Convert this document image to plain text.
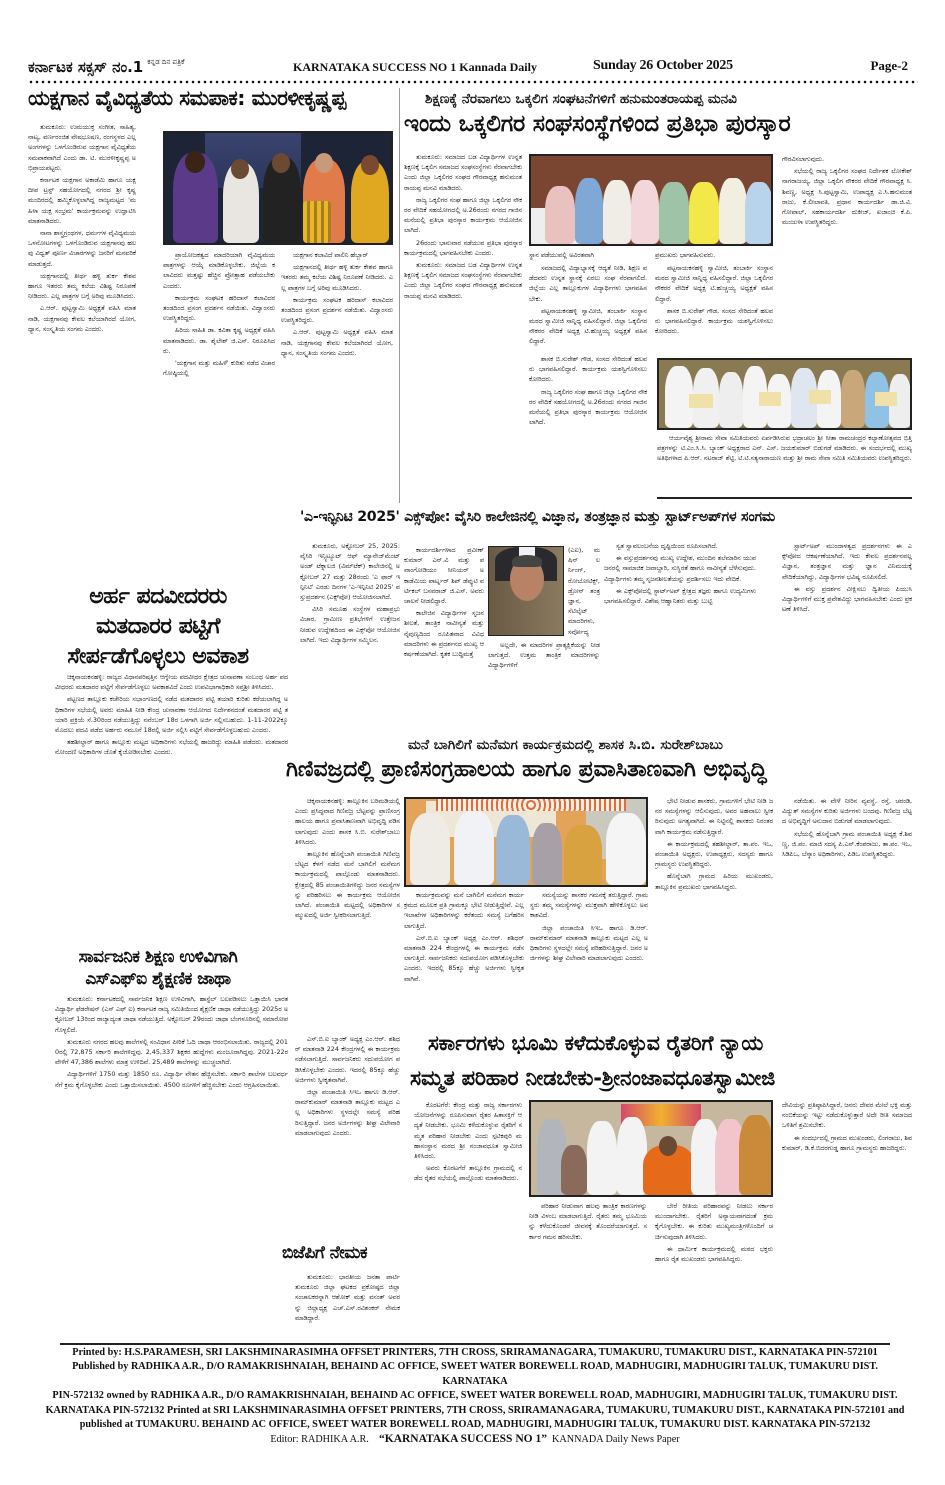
ಕರ್ನಾಟಕ ಸಕ್ಸಸ್ ನಂ.1 $^{ಕನ್ನಡ ದಿನ ಪತ್ರಿಕೆ}$	KARNATAKA SUCCESS NO 1 Kannada Daily	Sunday 26 October 2025	Page-2
ಯಕ್ಷಗಾನ ವೈವಿಧ್ಯತೆಯ ಸಮಪಾಕ: ಮುರಳೀಕೃಷ್ಣಪ್ಪ

ತುಮಕೂರು: ಉಮಯುಕ್ತ ಸಂಗೀತ, ಸಾಹಿತ್ಯ, ನಾಟ್ಯ, ವರ್ಣರಂಜಿತ ವೇಷಭೂಷಣ, ರಂಗಸ್ಥಳದ ಎಲ್ಲ ಅಂಗಗಳನ್ನು ಒಳಗೊಂಡಿರುವ ಯಕ್ಷಗಾನ ವೈವಿಧ್ಯತೆಯ ಸಮಪಾಕವಾಗಿದೆ ಎಂದು ಡಾ. ಟಿ. ಮುರಳೀಕೃಷ್ಣಪ್ಪ ಅಭಿಪ್ರಾಯಪಟ್ಟರು.

ಕರ್ನಾಟಕ ಯಕ್ಷಗಾನ ಅಕಾಡೆಮಿ ಹಾಗೂ ಯಕ್ಷದೀಪ ಟ್ರಸ್ಟ್ ಸಹಯೋಗದಲ್ಲಿ ನಗರದ ಶ್ರೀ ಕೃಷ್ಣ ಮಂದಿರದಲ್ಲಿ ಹಮ್ಮಿಕೊಳ್ಳಲಾಗಿದ್ದ ರಾಜ್ಯಮಟ್ಟದ 'ಮಹಿಳಾ ಯಕ್ಷ ಸಂಭ್ರಮ' ಕಾರ್ಯಕ್ರಮವನ್ನು ಉದ್ಘಾಟಿಸಿ ಮಾತನಾಡಿದರು.

ನಾನಾ ಶಾಸ್ತ್ರಗ್ರಂಥಗಳ, ಧರ್ಮಗಳ ವೈವಿಧ್ಯಮಯ ಒಳನೋಟಗಳನ್ನು ಒಳಗೊಂಡಿರುವ ಯಕ್ಷಗಾನವು ಹಲವು ವಿಧ್ವತ್ ಪೂರ್ಣ ವಿಚಾರಗಳನ್ನು ಜನರಿಗೆ ಮನವರಿಕೆ ಮಾಡುತ್ತದೆ.

ಯಕ್ಷಗಾನದಲ್ಲಿ ತೀರ್ಥ ಹಳ್ಳಿ ತುರ್ಕ ಕೇಶವ ಹಾಗೂ ಇತರರು ತಮ್ಮ ಕಲೆಯ ವಿಶಿಷ್ಟ ನಿರೂಪಣೆ ನೀಡಿದರು. ಎಲ್ಲ ಪಾತ್ರಗಳ ಬಗ್ಗೆ ಅರಿವು ಮೂಡಿಸಿದರು.

ಎ.ಆರ್. ಪುಟ್ಟಸ್ವಾಮಿ ಅಧ್ಯಕ್ಷತೆ ವಹಿಸಿ ಮಾತನಾಡಿ, ಯಕ್ಷಗಾನವು ಕೇವಲ ಕಲೆಯಾಗಿರದೆ ಯೋಗ, ಧ್ಯಾನ, ಸಂಸ್ಕೃತಿಯ ಸಂಗಮ ಎಂದರು.

ಪ್ರಾಯೋಜಕತ್ವದ ಮಾದರಿಯಾಗಿ ವೈವಿಧ್ಯಮಯ ಪಾತ್ರಗಳನ್ನು ಆಯ್ಕೆ ಮಾಡಿಕೊಳ್ಳಬೇಕು. ಜಿಲ್ಲೆಯ ಕಲಾವಿದರು ಮತ್ತಷ್ಟು ಹೆಚ್ಚಿನ ಪ್ರೋತ್ಸಾಹ ಪಡೆಯಬೇಕು ಎಂದರು.

ಕಾರ್ಯಕ್ರಮ ಸಂಘಟಕ ಹರಿದಾಸ್ ಕಲಾವಿದರ ತಂಡದಿಂದ ಪ್ರಸಂಗ ಪ್ರದರ್ಶನ ನಡೆಯಿತು. ವಿದ್ವಾಂಸರು ಉಪಸ್ಥಿತರಿದ್ದರು.

ಹಿರಿಯ ಸಾಹಿತಿ ಡಾ. ಕವಿತಾ ಕೃಷ್ಣ ಅಧ್ಯಕ್ಷತೆ ವಹಿಸಿ ಮಾತನಾಡಿದರು. ಡಾ. ಶೈಲೇಶ್ ಜಿ.ಎಸ್. ನಿರೂಪಿಸಿದರು.

'ಯಕ್ಷಗಾನ ಮತ್ತು ಮಹಿಳೆ' ಕುರಿತು ನಡೆದ ವಿಚಾರಗೋಷ್ಠಿಯಲ್ಲಿ

ಯಕ್ಷಗಾನ ಕಲಾವಿದೆ ಪಾಲಿನಿ ಹೆಬ್ಬಾರ್

ಯಕ್ಷಗಾನದಲ್ಲಿ ತೀರ್ಥ ಹಳ್ಳಿ ತುರ್ಕ ಕೇಶವ ಹಾಗೂ ಇತರರು ತಮ್ಮ ಕಲೆಯ ವಿಶಿಷ್ಟ ನಿರೂಪಣೆ ನೀಡಿದರು. ಎಲ್ಲ ಪಾತ್ರಗಳ ಬಗ್ಗೆ ಅರಿವು ಮೂಡಿಸಿದರು.

ಕಾರ್ಯಕ್ರಮ ಸಂಘಟಕ ಹರಿದಾಸ್ ಕಲಾವಿದರ ತಂಡದಿಂದ ಪ್ರಸಂಗ ಪ್ರದರ್ಶನ ನಡೆಯಿತು. ವಿದ್ವಾಂಸರು ಉಪಸ್ಥಿತರಿದ್ದರು.

ಎ.ಆರ್. ಪುಟ್ಟಸ್ವಾಮಿ ಅಧ್ಯಕ್ಷತೆ ವಹಿಸಿ ಮಾತನಾಡಿ, ಯಕ್ಷಗಾನವು ಕೇವಲ ಕಲೆಯಾಗಿರದೆ ಯೋಗ, ಧ್ಯಾನ, ಸಂಸ್ಕೃತಿಯ ಸಂಗಮ ಎಂದರು.

ಅರ್ಹ ಪದವೀದರರು
ಮತದಾರರ ಪಟ್ಟಿಗೆ
ಸೇರ್ಪಡೆಗೊಳ್ಳಲು ಅವಕಾಶ

ಚಿಕ್ಕನಾಯಕನಹಳ್ಳಿ: ರಾಜ್ಯದ ವಿಧಾನಪರಿಷತ್ತಿನ ಆಗ್ನೇಯ ಪದವೀಧರ ಕ್ಷೇತ್ರದ ಚುನಾವಣಾ ಸಂಬಂಧ ಅರ್ಹ ಪದವೀಧರರು ಮತದಾರರ ಪಟ್ಟಿಗೆ ಸೇರ್ಪಡೆಗೊಳ್ಳಲು ಅವಕಾಶವಿದೆ ಎಂದು ಉಪವಿಭಾಗಾಧಿಕಾರಿ ಸಪ್ತಶ್ರೀ ತಿಳಿಸಿದರು.

ಪಟ್ಟಣದ ತಾಲ್ಲೂಕು ಕಚೇರಿಯ ಸಭಾಂಗಣದಲ್ಲಿ ನಡೆದ ಮತದಾರರ ಪಟ್ಟಿ ತಯಾರಿ ಕುರಿತು ಕರೆಯಲಾಗಿದ್ದ ಅಧಿಕಾರಿಗಳ ಸಭೆಯಲ್ಲಿ ಅವರು ಮಾಹಿತಿ ನೀಡಿ ಕೇಂದ್ರ ಚುನಾವಣಾ ಆಯೋಗದ ನಿರ್ದೇಶನದಂತೆ ಮತದಾರರ ಪಟ್ಟಿ ತಯಾರಿ ಪ್ರಕ್ರಿಯೆ ಸೆ.30ರಿಂದ ನಡೆಯುತ್ತಿದ್ದು ನವೆಂಬರ್ 18ರ ಒಳಗಾಗಿ ಅರ್ಜಿ ಸಲ್ಲಿಸಬಹುದು. 1-11-2022ಕ್ಕೂ ಮೊದಲು ಪದವಿ ಪಡೆದ ಅರ್ಹರು ನಮೂನೆ 18ರಲ್ಲಿ ಅರ್ಜಿ ಸಲ್ಲಿಸಿ ಪಟ್ಟಿಗೆ ಸೇರ್ಪಡೆಗೊಳ್ಳಬಹುದು ಎಂದರು.

ತಹಶೀಲ್ದಾರ್ ಹಾಗೂ ತಾಲ್ಲೂಕು ಮಟ್ಟದ ಅಧಿಕಾರಿಗಳು ಸಭೆಯಲ್ಲಿ ಹಾಜರಿದ್ದು ಮಾಹಿತಿ ಪಡೆದರು. ಮತದಾರರ ನೋಂದಣಿ ಅಧಿಕಾರಿಗಳ ಜೊತೆ ಕೈಜೋಡಿಸಬೇಕು ಎಂದರು.

ಸಾರ್ವಜನಿಕ ಶಿಕ್ಷಣ ಉಳಿವಿಗಾಗಿ
ಎಸ್‌ಎಫ್‌ಐ ಶೈಕ್ಷಣಿಕ ಜಾಥಾ

ತುಮಕೂರು: ಕರ್ನಾಟಕದಲ್ಲಿ ಸಾರ್ವಜನಿಕ ಶಿಕ್ಷಣ ಉಳಿವಿಗಾಗಿ, ಹಾಸ್ಟೆಲ್ ಬಲಪಡಿಸಲು ಒತ್ತಾಯಿಸಿ ಭಾರತ ವಿದ್ಯಾರ್ಥಿ ಫೆಡರೇಷನ್ (ಎಸ್ ಎಫ್ ಐ) ಕರ್ನಾಟಕ ರಾಜ್ಯ ಸಮಿತಿಯಿಂದ ಶೈಕ್ಷಣಿಕ ಜಾಥಾ ನಡೆಯುತ್ತಿದ್ದು 2025ರ ಅಕ್ಟೋಬರ್ 13ರಿಂದ ರಾಜ್ಯಾದ್ಯಂತ ಜಾಥಾ ನಡೆಯುತ್ತಿದೆ. ಅಕ್ಟೋಬರ್ 29ರಂದು ಜಾಥಾ ಬೆಂಗಳೂರಿನಲ್ಲಿ ಸಮಾರೋಪಗೊಳ್ಳಲಿದೆ.

ತುಮಕೂರು ನಗರದ ಹಲವು ಶಾಲೆಗಳಲ್ಲಿ ಸಂವಿಧಾನ ಪೀಠಿಕೆ ಓದಿ ಜಾಥಾ ಆರಂಭಿಸಲಾಯಿತು. ರಾಜ್ಯದಲ್ಲಿ 2010ರಲ್ಲಿ 72,875 ಸರ್ಕಾರಿ ಶಾಲೆಗಳಿದ್ದವು. 2,45,337 ಶಿಕ್ಷಕರ ಹುದ್ದೆಗಳು ಮಂಜೂರಾಗಿದ್ದವು. 2021-22ರ ವೇಳೆಗೆ 47,386 ಶಾಲೆಗಳು ಮಾತ್ರ ಉಳಿದಿವೆ. 25,489 ಶಾಲೆಗಳನ್ನು ಮುಚ್ಚಲಾಗಿದೆ.

ವಿದ್ಯಾರ್ಥಿಗಳಿಗೆ 1750 ಮತ್ತು 1850 ರೂ. ವಿದ್ಯಾರ್ಥಿ ವೇತನ ಹೆಚ್ಚಿಸಬೇಕು. ಸರ್ಕಾರಿ ಶಾಲೆಗಳ ಬಲವರ್ಧನೆಗೆ ಕ್ರಮ ಕೈಗೊಳ್ಳಬೇಕು ಎಂದು ಒತ್ತಾಯಿಸಲಾಯಿತು. 4500 ರೂಗಳಿಗೆ ಹೆಚ್ಚಿಸಬೇಕು ಎಂದು ಆಗ್ರಹಿಸಲಾಯಿತು.

ಶಿಕ್ಷಣಕ್ಕೆ ನೆರವಾಗಲು ಒಕ್ಕಲಿಗ ಸಂಘಟನೆಗಳಿಗೆ ಹನುಮಂತರಾಯಪ್ಪ ಮನವಿ
ಇಂದು ಒಕ್ಕಲಿಗರ ಸಂಘಸಂಸ್ಥೆಗಳಿಂದ ಪ್ರತಿಭಾ ಪುರಸ್ಕಾರ

ತುಮಕೂರು: ಸಮಾಜದ ಬಡ ವಿದ್ಯಾರ್ಥಿಗಳ ಉನ್ನತ ಶಿಕ್ಷಣಕ್ಕೆ ಒಕ್ಕಲಿಗ ಸಮಾಜದ ಸಂಘಸಂಸ್ಥೆಗಳು ನೆರವಾಗಬೇಕು ಎಂದು ಜಿಲ್ಲಾ ಒಕ್ಕಲಿಗರ ಸಂಘದ ಗೌರವಾಧ್ಯಕ್ಷ ಹನುಮಂತರಾಯಪ್ಪ ಮನವಿ ಮಾಡಿದರು.

ರಾಜ್ಯ ಒಕ್ಕಲಿಗರ ಸಂಘ ಹಾಗೂ ಜಿಲ್ಲಾ ಒಕ್ಕಲಿಗರ ನೌಕರರ ವೇದಿಕೆ ಸಹಯೋಗದಲ್ಲಿ ಅ.26ರಂದು ನಗರದ ಗಾಜಿನಮನೆಯಲ್ಲಿ ಪ್ರತಿಭಾ ಪುರಸ್ಕಾರ ಕಾರ್ಯಕ್ರಮ ಆಯೋಜಿಸಲಾಗಿದೆ.

26ರಂದು ಭಾನುವಾರ ನಡೆಯುವ ಪ್ರತಿಭಾ ಪುರಸ್ಕಾರ ಕಾರ್ಯಕ್ರಮದಲ್ಲಿ ಭಾಗವಹಿಸಬೇಕು ಎಂದರು.

ತುಮಕೂರು: ಸಮಾಜದ ಬಡ ವಿದ್ಯಾರ್ಥಿಗಳ ಉನ್ನತ ಶಿಕ್ಷಣಕ್ಕೆ ಒಕ್ಕಲಿಗ ಸಮಾಜದ ಸಂಘಸಂಸ್ಥೆಗಳು ನೆರವಾಗಬೇಕು ಎಂದು ಜಿಲ್ಲಾ ಒಕ್ಕಲಿಗರ ಸಂಘದ ಗೌರವಾಧ್ಯಕ್ಷ ಹನುಮಂತರಾಯಪ್ಪ ಮನವಿ ಮಾಡಿದರು.

ಸ್ಥಾನ ಪಡೆಯುವಲ್ಲಿ ಅವಿರತವಾಗಿ	ಪ್ರಮುಖರು ಭಾಗವಹಿಸುವರು.

ಸಮಾಜದಲ್ಲಿ ವಿದ್ಯಾಭ್ಯಾಸಕ್ಕೆ ಆದ್ಯತೆ ನೀಡಿ, ಶಿಕ್ಷಣ ಪಡೆದವರು ಉನ್ನತ ಸ್ಥಾನಕ್ಕೆ ಏರಲು ಸಂಘ ನೆರವಾಗಲಿದೆ. ಜಿಲ್ಲೆಯ ಎಲ್ಲ ತಾಲ್ಲೂಕುಗಳ ವಿದ್ಯಾರ್ಥಿಗಳು ಭಾಗವಹಿಸಬೇಕು.

ಪಟ್ಟನಾಯಕನಹಳ್ಳಿ ಸ್ವಾಮೀಜಿ, ತಂಬಾರ್ಕಿ ಸಂಸ್ಥಾನ ಮಠದ ಸ್ವಾಮೀಜಿ ಸಾನ್ನಿಧ್ಯ ವಹಿಸಲಿದ್ದಾರೆ. ಜಿಲ್ಲಾ ಒಕ್ಕಲಿಗರ ನೌಕರರ ವೇದಿಕೆ ಅಧ್ಯಕ್ಷ ಟಿ.ಹುಚ್ಚಯ್ಯ ಅಧ್ಯಕ್ಷತೆ ವಹಿಸಲಿದ್ದಾರೆ.

ಪಟ್ಟನಾಯಕನಹಳ್ಳಿ ಸ್ವಾಮೀಜಿ, ತಂಬಾರ್ಕಿ ಸಂಸ್ಥಾನ ಮಠದ ಸ್ವಾಮೀಜಿ ಸಾನ್ನಿಧ್ಯ ವಹಿಸಲಿದ್ದಾರೆ. ಜಿಲ್ಲಾ ಒಕ್ಕಲಿಗರ ನೌಕರರ ವೇದಿಕೆ ಅಧ್ಯಕ್ಷ ಟಿ.ಹುಚ್ಚಯ್ಯ ಅಧ್ಯಕ್ಷತೆ ವಹಿಸಲಿದ್ದಾರೆ.

ಶಾಸಕ ಬಿ.ಸುರೇಶ್ ಗೌಡ, ಸಂಸದ ಸೇರಿದಂತೆ ಹಲವರು ಭಾಗವಹಿಸಲಿದ್ದಾರೆ. ಕಾರ್ಯಕ್ರಮ ಯಶಸ್ವಿಗೊಳಿಸಲು ಕೋರಿದರು.

ಶಾಸಕ ಬಿ.ಸುರೇಶ್ ಗೌಡ, ಸಂಸದ ಸೇರಿದಂತೆ ಹಲವರು ಭಾಗವಹಿಸಲಿದ್ದಾರೆ. ಕಾರ್ಯಕ್ರಮ ಯಶಸ್ವಿಗೊಳಿಸಲು ಕೋರಿದರು.

ರಾಜ್ಯ ಒಕ್ಕಲಿಗರ ಸಂಘ ಹಾಗೂ ಜಿಲ್ಲಾ ಒಕ್ಕಲಿಗರ ನೌಕರರ ವೇದಿಕೆ ಸಹಯೋಗದಲ್ಲಿ ಅ.26ರಂದು ನಗರದ ಗಾಜಿನಮನೆಯಲ್ಲಿ ಪ್ರತಿಭಾ ಪುರಸ್ಕಾರ ಕಾರ್ಯಕ್ರಮ ಆಯೋಜಿಸಲಾಗಿದೆ.

ಗೌರವಿಸಲಾಗುವುದು.

ಸಭೆಯಲ್ಲಿ ರಾಜ್ಯ ಒಕ್ಕಲಿಗರ ಸಂಘದ ನಿರ್ದೇಶಕ ಲೋಕೇಶ್ ನಾಗರಾಜಯ್ಯ, ಜಿಲ್ಲಾ ಒಕ್ಕಲಿಗ ನೌಕರರ ವೇದಿಕೆ ಗೌರವಾಧ್ಯಕ್ಷ ಸಿ.ಶಿವಣ್ಣ, ಅಧ್ಯಕ್ಷ ಸಿ.ಪುಟ್ಟಸ್ವಾಮಿ, ಉಪಾಧ್ಯಕ್ಷ ಎ.ಸಿ.ಹನುಮಂತರಾಜು, ಕೆ.ಲೀಲಾವತಿ, ಪ್ರಧಾನ ಕಾರ್ಯದರ್ಶಿ ಡಾ.ಜಿ.ವಿ.ಗೋಪಾಲ್, ಸಹಕಾರ್ಯದರ್ಶಿ ದುಕೀಜ್, ಖಜಾಂಚಿ ಕೆ.ಪಿ.ಮಂಜುಳಾ ಉಪಸ್ಥಿತರಿದ್ದರು.

ಆರ್ಯವೈಶ್ಯ ಶ್ರೀರಾಮ ಸೇವಾ ಸಮಿತಿಯವರು ಏರ್ಪಡಿಸಿರುವ ಭದ್ರಾಚಲಂ ಶ್ರೀ ಸೀತಾ ರಾಮಚಂದ್ರರ ಕಲ್ಯಾಣೋತ್ಸವದ ಭಿತ್ತಿ ಪತ್ರಗಳನ್ನು ಟಿ.ಎಂ.ಸಿ.ಸಿ. ಬ್ಯಾಂಕ್ ಅಧ್ಯಕ್ಷರಾದ ಎನ್. ಎಸ್. ಜಯಕುಮಾರ್ ಬಿಡುಗಡೆ ಮಾಡಿದರು. ಈ ಸಂದರ್ಭದಲ್ಲಿ ಮುಖ್ಯ ಅತಿಥಿಗಳಾದ ಪಿ.ಆರ್. ನಟರಾಜ್ ಶೆಟ್ಟಿ, ಟಿ.ಟಿ.ಸತ್ಯನಾರಾಯಣ ಮತ್ತು ಶ್ರೀ ರಾಮ ಸೇವಾ ಸಮಿತಿ ಸಮಿತಿಯವರು ಉಪಸ್ಥಿತರಿದ್ದರು.
'ಎ-ಇನ್ಫಿನಿಟಿ 2025' ಎಕ್ಸ್‌ಪೋ: ವೈಸಿರಿ ಕಾಲೇಜಿನಲ್ಲಿ ವಿಜ್ಞಾನ, ತಂತ್ರಜ್ಞಾನ ಮತ್ತು ಸ್ಟಾರ್ಟ್‌ಅಪ್‌ಗಳ ಸಂಗಮ

ತುಮಕೂರು, ಅಕ್ಟೋಬರ್ 25, 2025: ವೈಸಿರಿ ಇನ್ಸ್ಟಿಟ್ಯೂಟ್ ಆಫ್ ಮ್ಯಾನೇಜ್‌ಮೆಂಟ್ ಅಂಡ್ ಟೆಕ್ನಾಲಜಿ (ವಿಮ್‌ಟೆಕ್) ಕಾಲೇಜಿನಲ್ಲಿ ಅಕ್ಟೋಬರ್ 27 ಮತ್ತು 28ರಂದು 'ಎ ಫಾರ್ ಇನ್ಫಿನಿಟಿ' ಎರಡು ದಿನಗಳ 'ಎ-ಇನ್ಫಿನಿಟಿ 2025' ವಸ್ತುಪ್ರದರ್ಶನ (ಎಕ್ಸ್‌ಪೋ) ಆಯೋಜಿಸಲಾಗಿದೆ.

ವಿಸಿರಿ ಸಮೂಹ ಸಂಸ್ಥೆಗಳ ಮಹಾಪ್ರಭು ವಿಚಾರ, ಗ್ರಾಮೀಣ ಪ್ರತಿಭೆಗಳಿಗೆ ಉತ್ತೇಜನ ನೀಡುವ ಉದ್ದೇಶದಿಂದ ಈ ಎಕ್ಸ್‌ಪೋ ಆಯೋಜಿಸಲಾಗಿದೆ. ಇದು ವಿದ್ಯಾರ್ಥಿಗಳ ಸಮ್ಮಿಲನ.

ಕಾರ್ಯದರ್ಶಿಗಳಾದ ಪ್ರವೀಣ್ ಕುಮಾರ್ ಎನ್.ವಿ ಮತ್ತು ಪವಾಂಗೋಡಿಯಂ ಸೀನಿಯರ್ ಅಕಾಡೆಮಿಯ ಪಾರ್ಟ್ನರ್ ಶಿಪ್ ಡೆಪ್ಯುಟಿ ವರ್ಟಿಕಲ್ ಬಸವರಾಜ್ ಜಿ.ಎಸ್. ಅವರು ಚಾಲನೆ ನೀಡಲಿದ್ದಾರೆ.

ಕಾಲೇಜಿನ ವಿದ್ಯಾರ್ಥಿಗಳ ಸೃಜನಶೀಲತೆ, ತಾಂತ್ರಿಕ ನಾವೀನ್ಯತೆ ಮತ್ತು ನೈಪುಣ್ಯದಿಂದ ರೂಪಿತವಾದ ವಿವಿಧ ಮಾದರಿಗಳು ಈ ಪ್ರದರ್ಶನದ ಮುಖ್ಯ ಆಕರ್ಷಣೆಯಾಗಿದೆ. ಕೃತಕ ಬುದ್ಧಿಮತ್ತೆ

(ಎಐ), ಮಷಿನ್ ಲರ್ನಿಂಗ್, ರೋಬೋಟಿಕ್ಸ್, ಡ್ರೋನ್ ತಂತ್ರಜ್ಞಾನ, ಸೆಟಿಲೈಟ್ ಮಾದರಿಗಳು, ಸರ್ವೋದ್ಯ

ಅಲ್ಲದೇ, ಈ ಮಾದರಿಗಳ ಪ್ರಾತ್ಯಕ್ಷಿಕೆಯನ್ನು ನೀಡಲಾಗುತ್ತದೆ. ಉತ್ತಮ ತಾಂತ್ರಿಕ ಮಾದರಿಗಳನ್ನು ವಿದ್ಯಾರ್ಥಿಗಳಿಗೆ

ಸ್ವತ ಸ್ವಾವಲಂಬನೆಯ ದೃಷ್ಟಿಯಿಂದ ರೂಪಿಸಲಾಗಿದೆ.

ಈ ವಸ್ತುಪ್ರದರ್ಶನವು ಮುಖ್ಯ ಉದ್ದೇಶ, ಮುಂದಿನ ತಲೆಮಾರಿನ ಯುವಜನರಲ್ಲಿ ಸಾಮಾಜಿಕ ಜವಾಬ್ದಾರಿ, ಸುಸ್ಥಿರತೆ ಹಾಗೂ ನಾವೀನ್ಯತೆ ಬೆಳೆಸುವುದು. ವಿದ್ಯಾರ್ಥಿಗಳು ತಮ್ಮ ಸೃಜನಶೀಲತೆಯನ್ನು ಪ್ರದರ್ಶಿಸಲು ಇದು ವೇದಿಕೆ.

ಈ ಎಕ್ಸ್‌ಪೋದಲ್ಲಿ ಸ್ಟಾರ್ಟ್ಅಪ್ ಕ್ಷೇತ್ರದ ತಜ್ಞರು ಹಾಗೂ ಉದ್ಯಮಿಗಳು ಭಾಗವಹಿಸಲಿದ್ದಾರೆ. ವಿಶೇಷ ಆಹ್ವಾನಿತರು ಮತ್ತು ಬುಟ್ಟಿ

ಸ್ಟಾರ್ಟ್‌ಅಪ್ ಮುಂದಾಳತ್ವದ ಪ್ರದರ್ಶನಗಳು ಈ ಎಕ್ಸ್‌ಪೋದ ಆಕರ್ಷಣೆಯಾಗಿದೆ. ಇದು ಕೇವಲ ಪ್ರದರ್ಶನವಲ್ಲ ವಿಜ್ಞಾನ, ತಂತ್ರಜ್ಞಾನ ಮತ್ತು ಜ್ಞಾನ ವಿನಿಮಯಕ್ಕೆ ವೇದಿಕೆಯಾಗಿದ್ದು, ವಿದ್ಯಾರ್ಥಿಗಳ ಭವಿಷ್ಯ ರೂಪಿಸಲಿದೆ.

ಈ ವಸ್ತು ಪ್ರದರ್ಶನ ವೀಕ್ಷಿಸಲು ದ್ವಿತೀಯ ಪಿಯುಸಿ ವಿದ್ಯಾರ್ಥಿಗಳಿಗೆ ಮುಕ್ತ ಪ್ರವೇಶವಿದ್ದು ಭಾಗವಹಿಸಬೇಕು ಎಂದು ಪ್ರಕಟಣೆ ತಿಳಿಸಿದೆ.

ಮನೆ ಬಾಗಿಲಿಗೆ ಮನೆಮಗ ಕಾರ್ಯಕ್ರಮದಲ್ಲಿ ಶಾಸಕ ಸಿ.ಬಿ. ಸುರೇಶ್‌ಬಾಬು
ಗಿಣಿವಜ್ರದಲ್ಲಿ ಪ್ರಾಣಿಸಂಗ್ರಹಾಲಯ ಹಾಗೂ ಪ್ರವಾಸಿತಾಣವಾಗಿ ಅಭಿವೃದ್ಧಿ

ಚಿಕ್ಕನಾಯಕನಹಳ್ಳಿ: ತಾಲ್ಲೂಕಿನ ಬರಿಮಡಿಯಲ್ಲಿ ಎಂದು ಪ್ರಸಿದ್ಧವಾದ ಗಿಣಿವಜ್ರ ಬೆಟ್ಟವನ್ನು ಪ್ರಾಣಿಸಂಗ್ರಹಾಲಯ ಹಾಗೂ ಪ್ರವಾಸಿತಾಣವಾಗಿ ಅಭಿವೃದ್ಧಿ ಪಡಿಸಲಾಗುವುದು ಎಂದು ಶಾಸಕ ಸಿ.ಬಿ. ಸುರೇಶ್‌ಬಾಬು ತಿಳಿಸಿದರು.

ತಾಲ್ಲೂಕಿನ ಹೊನ್ನೆಬಾಗಿ ಪಂಚಾಯಿತಿ ಗಿಣಿವಜ್ರ ಬೆಟ್ಟದ ಕೆಳಗೆ ನಡೆದ ಮನೆ ಬಾಗಿಲಿಗೆ ಮನೆಮಗ ಕಾರ್ಯಕ್ರಮದಲ್ಲಿ ಪಾಲ್ಗೊಂಡು ಮಾತನಾಡಿದರು. ಕ್ಷೇತ್ರದಲ್ಲಿ 85 ಪಂಚಾಯಿತಿಗಳಿದ್ದು ಜನರ ಸಮಸ್ಯೆಗಳನ್ನು ಪರಿಹರಿಸಲು ಈ ಕಾರ್ಯಕ್ರಮ ಆಯೋಜಿಸಲಾಗಿದೆ. ಪಂಚಾಯಿತಿ ಮಟ್ಟದಲ್ಲಿ ಅಧಿಕಾರಿಗಳ ಸಮ್ಮುಖದಲ್ಲಿ ಅರ್ಜಿ ಸ್ವೀಕರಿಸಲಾಗುತ್ತಿದೆ.

ಕಾರ್ಯಕ್ರಮವನ್ನು ಮನೆ ಬಾಗಿಲಿಗೆ ಮನೆಮಗ ಕಾರ್ಯಕ್ರಮದ ಮೂಲಕ ಪ್ರತಿ ಗ್ರಾಮಕ್ಕೂ ಭೇಟಿ ನೀಡುತ್ತಿದ್ದೇವೆ. ಎಲ್ಲ ಇಲಾಖೆಗಳ ಅಧಿಕಾರಿಗಳನ್ನು ಕರೆತಂದು ಸಮಸ್ಯೆ ಬಗೆಹರಿಸಲಾಗುತ್ತಿದೆ.

ಎಸ್.ಬಿ.ಐ ಬ್ಯಾಂಕ್ ಅಧ್ಯಕ್ಷ ಎಂ.ಆರ್. ಶಶಿಧರ್ ಮಾತನಾಡಿ 224 ಕೇಂದ್ರಗಳಲ್ಲಿ ಈ ಕಾರ್ಯಕ್ರಮ ನಡೆಸಲಾಗುತ್ತಿದೆ. ಸಾರ್ವಜನಿಕರು ಸದುಪಯೋಗ ಪಡಿಸಿಕೊಳ್ಳಬೇಕು ಎಂದರು. ಇದರಲ್ಲಿ 85ಕ್ಕೂ ಹೆಚ್ಚು ಅರ್ಜಿಗಳು ಸ್ವೀಕೃತವಾಗಿವೆ.

ಸಮಸ್ಯೆಯನ್ನು ಶಾಸಕರ ಗಮನಕ್ಕೆ ತರುತ್ತಿದ್ದಾರೆ. ಗ್ರಾಮಸ್ಥರು ತಮ್ಮ ಸಮಸ್ಯೆಗಳನ್ನು ಮುಕ್ತವಾಗಿ ಹೇಳಿಕೊಳ್ಳಲು ಅವಕಾಶವಿದೆ.

ಜಿಲ್ಲಾ ಪಂಚಾಯಿತಿ ಸಿಇಒ ಹಾಗೂ ಡಿ.ಆರ್. ರಾಮ್‌ಕುಮಾರ್ ಮಾತನಾಡಿ ತಾಲ್ಲೂಕು ಮಟ್ಟದ ಎಲ್ಲ ಅಧಿಕಾರಿಗಳು ಸ್ಥಳದಲ್ಲೇ ಸಮಸ್ಯೆ ಪರಿಹರಿಸುತ್ತಿದ್ದಾರೆ. ಜನರ ಅರ್ಜಿಗಳನ್ನು ಶೀಘ್ರ ವಿಲೇವಾರಿ ಮಾಡಲಾಗುವುದು ಎಂದರು.

ಭೇಟಿ ನೀಡುವ ಶಾಸಕರು, ಗ್ರಾಮಗಳಿಗೆ ಭೇಟಿ ನೀಡಿ ಜನರ ಸಮಸ್ಯೆಗಳನ್ನು ಆಲಿಸುವುದು, ಅವರ ಅಹವಾಲು ಸ್ವೀಕರಿಸುವುದು ಅಗತ್ಯವಾಗಿದೆ. ಈ ನಿಟ್ಟಿನಲ್ಲಿ ಶಾಸಕರು ನಿರಂತರವಾಗಿ ಕಾರ್ಯಕ್ರಮ ನಡೆಸುತ್ತಿದ್ದಾರೆ.

ಈ ಕಾರ್ಯಕ್ರಮದಲ್ಲಿ ತಹಶೀಲ್ದಾರ್, ತಾ.ಪಂ. ಇಒ, ಪಂಚಾಯಿತಿ ಅಧ್ಯಕ್ಷರು, ಉಪಾಧ್ಯಕ್ಷರು, ಸದಸ್ಯರು ಹಾಗೂ ಗ್ರಾಮಸ್ಥರು ಉಪಸ್ಥಿತರಿದ್ದರು.

ಹೊನ್ನೆಬಾಗಿ ಗ್ರಾಮದ ಹಿರಿಯ ಮುಖಂಡರು, ತಾಲ್ಲೂಕಿನ ಪ್ರಮುಖರು ಭಾಗವಹಿಸಿದ್ದರು.

ನಡೆಯಿತು. ಈ ವೇಳೆ ನೀರಿನ ವ್ಯವಸ್ಥೆ, ರಸ್ತೆ, ಚರಂಡಿ, ವಿದ್ಯುತ್ ಸಮಸ್ಯೆಗಳ ಕುರಿತು ಅರ್ಜಿಗಳು ಬಂದವು. ಗಿಣಿವಜ್ರ ಬೆಟ್ಟದ ಅಭಿವೃದ್ಧಿಗೆ ಅನುದಾನ ಬಿಡುಗಡೆ ಮಾಡಲಾಗುವುದು.

ಸಭೆಯಲ್ಲಿ ಹೊನ್ನೆಬಾಗಿ ಗ್ರಾಮ ಪಂಚಾಯಿತಿ ಅಧ್ಯಕ್ಷ ಕೆ.ಶಿವಣ್ಣ, ಜಿ.ಪಂ. ಮಾಜಿ ಸದಸ್ಯ ಪಿ.ಎನ್.ಕೆಂಪರಾಜು, ತಾ.ಪಂ. ಇಒ, ಸಿಡಿಪಿಒ, ಬೆಸ್ಕಾಂ ಅಧಿಕಾರಿಗಳು, ಪಿಡಿಒ ಉಪಸ್ಥಿತರಿದ್ದರು.

ಬಿಜೆಪಿಗೆ ನೇಮಕ

ತುಮಕೂರು: ಭಾರತೀಯ ಜನತಾ ಪಾರ್ಟಿ ತುಮಕೂರು ಜಿಲ್ಲಾ ಘಟಕದ ಪ್ರಕೋಷ್ಠದ ಜಿಲ್ಲಾ ಸಂಚಾಲಕರನ್ನಾಗಿ ಆಶೋಕ್ ಮತ್ತು ವಸಂತ್ ಅವರನ್ನು ಜಿಲ್ಲಾಧ್ಯಕ್ಷ ಎಚ್.ಎಸ್.ರವಿಶಂಕರ್ ನೇಮಕ ಮಾಡಿದ್ದಾರೆ.

ಎಸ್.ಬಿ.ಐ ಬ್ಯಾಂಕ್ ಅಧ್ಯಕ್ಷ ಎಂ.ಆರ್. ಶಶಿಧರ್ ಮಾತನಾಡಿ 224 ಕೇಂದ್ರಗಳಲ್ಲಿ ಈ ಕಾರ್ಯಕ್ರಮ ನಡೆಸಲಾಗುತ್ತಿದೆ. ಸಾರ್ವಜನಿಕರು ಸದುಪಯೋಗ ಪಡಿಸಿಕೊಳ್ಳಬೇಕು ಎಂದರು. ಇದರಲ್ಲಿ 85ಕ್ಕೂ ಹೆಚ್ಚು ಅರ್ಜಿಗಳು ಸ್ವೀಕೃತವಾಗಿವೆ.

ಜಿಲ್ಲಾ ಪಂಚಾಯಿತಿ ಸಿಇಒ ಹಾಗೂ ಡಿ.ಆರ್. ರಾಮ್‌ಕುಮಾರ್ ಮಾತನಾಡಿ ತಾಲ್ಲೂಕು ಮಟ್ಟದ ಎಲ್ಲ ಅಧಿಕಾರಿಗಳು ಸ್ಥಳದಲ್ಲೇ ಸಮಸ್ಯೆ ಪರಿಹರಿಸುತ್ತಿದ್ದಾರೆ. ಜನರ ಅರ್ಜಿಗಳನ್ನು ಶೀಘ್ರ ವಿಲೇವಾರಿ ಮಾಡಲಾಗುವುದು ಎಂದರು.

ಸರ್ಕಾರಗಳು ಭೂಮಿ ಕಳೆದುಕೊಳ್ಳುವ ರೈತರಿಗೆ ನ್ಯಾಯ
ಸಮ್ಮತ ಪರಿಹಾರ ನೀಡಬೇಕು-ಶ್ರೀನಂಜಾವಧೂತಸ್ವಾಮೀಜಿ

ಕೊರಟಗೆರೆ: ಕೇಂದ್ರ ಮತ್ತು ರಾಜ್ಯ ಸರ್ಕಾರಗಳು ಯೋಜನೆಗಳನ್ನು ರೂಪಿಸುವಾಗ ರೈತರ ಹಿತಾಸಕ್ತಿಗೆ ಆದ್ಯತೆ ನೀಡಬೇಕು. ಭೂಮಿ ಕಳೆದುಕೊಳ್ಳುವ ರೈತರಿಗೆ ಸಮ್ಮತ ಪರಿಹಾರ ನೀಡಬೇಕು ಎಂದು ಸ್ಫಟಿಕಪುರಿ ಮಹಾಸಂಸ್ಥಾನ ಮಠದ ಶ್ರೀ ನಂಜಾವಧೂತ ಸ್ವಾಮೀಜಿ ತಿಳಿಸಿದರು.

ಅವರು ಕೊರಟಗೆರೆ ತಾಲ್ಲೂಕಿನ ಗ್ರಾಮದಲ್ಲಿ ನಡೆದ ರೈತರ ಸಭೆಯಲ್ಲಿ ಪಾಲ್ಗೊಂಡು ಮಾತನಾಡಿದರು.

ಪರಿಹಾರ ನೀಡುವಾಗ ಹಲವು ತಾಂತ್ರಿಕ ಕಾರಣಗಳನ್ನು ನೀಡಿ ವಿಳಂಬ ಮಾಡಲಾಗುತ್ತಿದೆ. ರೈತರು ತಮ್ಮ ಭೂಮಿಯನ್ನು ಕಳೆದುಕೊಂಡರೆ ಜೀವನಕ್ಕೆ ತೊಂದರೆಯಾಗುತ್ತದೆ. ಸರ್ಕಾರ ಗಮನ ಹರಿಸಬೇಕು.

ಬೇರೆ ರೀತಿಯ ಪರಿಹಾರವನ್ನು ನೀಡಲು ಸರ್ಕಾರ ಮುಂದಾಗಬೇಕು. ರೈತರಿಗೆ ಅನ್ಯಾಯವಾಗದಂತೆ ಕ್ರಮ ಕೈಗೊಳ್ಳಬೇಕು. ಈ ಕುರಿತು ಮುಖ್ಯಮಂತ್ರಿಗಳೊಂದಿಗೆ ಚರ್ಚಿಸುವುದಾಗಿ ತಿಳಿಸಿದರು.

ಈ ಧಾರ್ಮಿಕ ಕಾರ್ಯಕ್ರಮದಲ್ಲಿ ಮಠದ ಭಕ್ತರು ಹಾಗೂ ರೈತ ಮುಖಂಡರು ಭಾಗವಹಿಸಿದ್ದರು.

ದೇವಿಯನ್ನು ಪ್ರತಿಷ್ಠಾಪಿಸಿದ್ದಾರೆ, ಜನರು ದೇವರ ಮೇಲೆ ಭಕ್ತಿ ಮತ್ತು ನಂಬಿಕೆಯನ್ನು ಇಟ್ಟು ನಡೆದುಕೊಳ್ಳುತ್ತಾರೆ ಅದೇ ರೀತಿ ಸಮಾಜದ ಒಳಿತಿಗೆ ಶ್ರಮಿಸಬೇಕು.

ಈ ಸಂದರ್ಭದಲ್ಲಿ ಗ್ರಾಮದ ಮುಖಂಡರು, ಲಿಂಗರಾಜು, ಶಿವಕುಮಾರ್, ಡಿ.ಕೆ.ಬಿದರಗುಡ್ಡ ಹಾಗೂ ಗ್ರಾಮಸ್ಥರು ಹಾಜರಿದ್ದರು.

Printed by: H.S.PARAMESH, SRI LAKSHMINARASIMHA OFFSET PRINTERS, 7TH CROSS, SRIRAMANAGARA, TUMAKURU, TUMAKURU DIST., KARNATAKA PIN-572101
Published by RADHIKA A.R., D/O RAMAKRISHNAIAH, BEHAIND AC OFFICE, SWEET WATER BOREWELL ROAD, MADHUGIRI, MADHUGIRI TALUK, TUMAKURU DIST. KARNATAKA
PIN-572132 owned by RADHIKA A.R., D/O RAMAKRISHNAIAH, BEHAIND AC OFFICE, SWEET WATER BOREWELL ROAD, MADHUGIRI, MADHUGIRI TALUK, TUMAKURU DIST.
KARNATAKA PIN-572132 Printed at SRI LAKSHMINARASIMHA OFFSET PRINTERS, 7TH CROSS, SRIRAMANAGARA, TUMAKURU, TUMAKURU DIST., KARNATAKA PIN-572101 and
published at TUMAKURU. BEHAIND AC OFFICE, SWEET WATER BOREWELL ROAD, MADHUGIRI, MADHUGIRI TALUK, TUMAKURU DIST. KARNATAKA PIN-572132
Editor: RADHIKA A.R. “KARNATAKA SUCCESS NO 1” KANNADA Daily News Paper
